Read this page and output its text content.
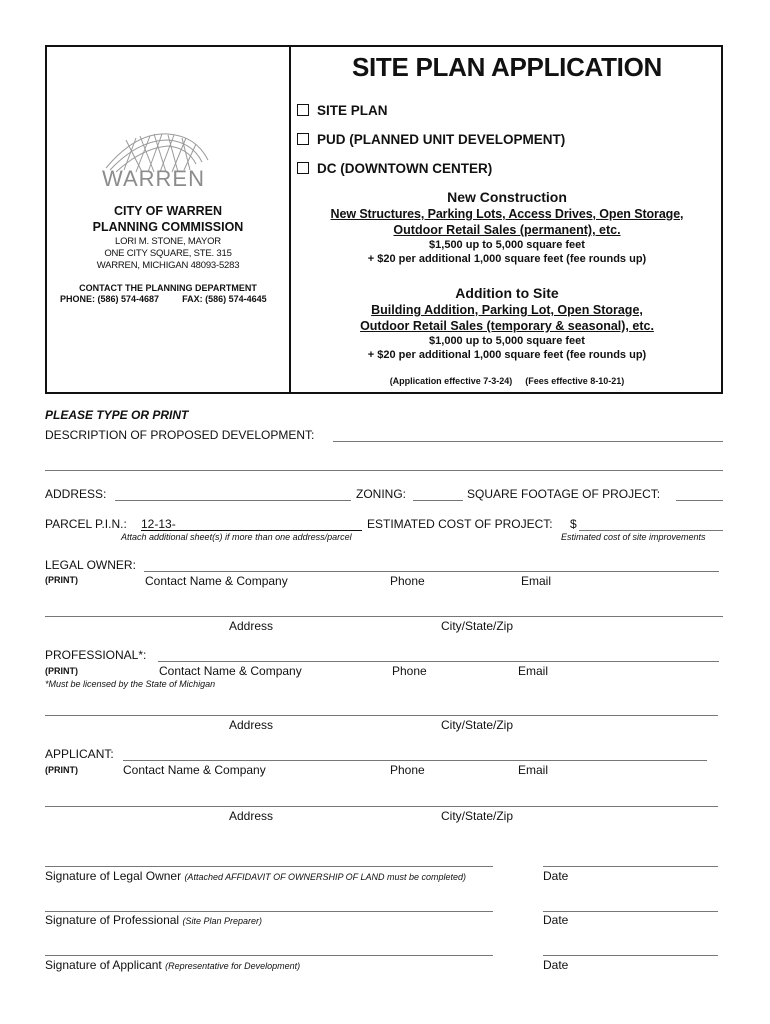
WARREN
CITY OF WARREN
PLANNING COMMISSION
LORI M. STONE, MAYOR
ONE CITY SQUARE, STE. 315
WARREN, MICHIGAN 48093-5283
CONTACT THE PLANNING DEPARTMENT
PHONE: (586) 574-4687	FAX: (586) 574-4645
SITE PLAN APPLICATION
SITE PLAN
PUD (PLANNED UNIT DEVELOPMENT)
DC (DOWNTOWN CENTER)
New Construction
New Structures, Parking Lots, Access Drives, Open Storage,
Outdoor Retail Sales (permanent), etc.
$1,500 up to 5,000 square feet
+ $20 per additional 1,000 square feet (fee rounds up)
Addition to Site
Building Addition, Parking Lot, Open Storage,
Outdoor Retail Sales (temporary & seasonal), etc.
$1,000 up to 5,000 square feet
+ $20 per additional 1,000 square feet (fee rounds up)
(Application effective 7-3-24) (Fees effective 8-10-21)
PLEASE TYPE OR PRINT
DESCRIPTION OF PROPOSED DEVELOPMENT:
ADDRESS:	ZONING:	SQUARE FOOTAGE OF PROJECT:
PARCEL P.I.N.: 12-13-	ESTIMATED COST OF PROJECT: $
Attach additional sheet(s) if more than one address/parcel	Estimated cost of site improvements
LEGAL OWNER:
(PRINT)	Contact Name & Company	Phone	Email
Address	City/State/Zip
PROFESSIONAL*:
(PRINT)	Contact Name & Company	Phone	Email
*Must be licensed by the State of Michigan
Address	City/State/Zip
APPLICANT:
(PRINT)	Contact Name & Company	Phone	Email
Address	City/State/Zip
Signature of Legal Owner (Attached AFFIDAVIT OF OWNERSHIP OF LAND must be completed)	Date
Signature of Professional (Site Plan Preparer)	Date
Signature of Applicant (Representative for Development)	Date
